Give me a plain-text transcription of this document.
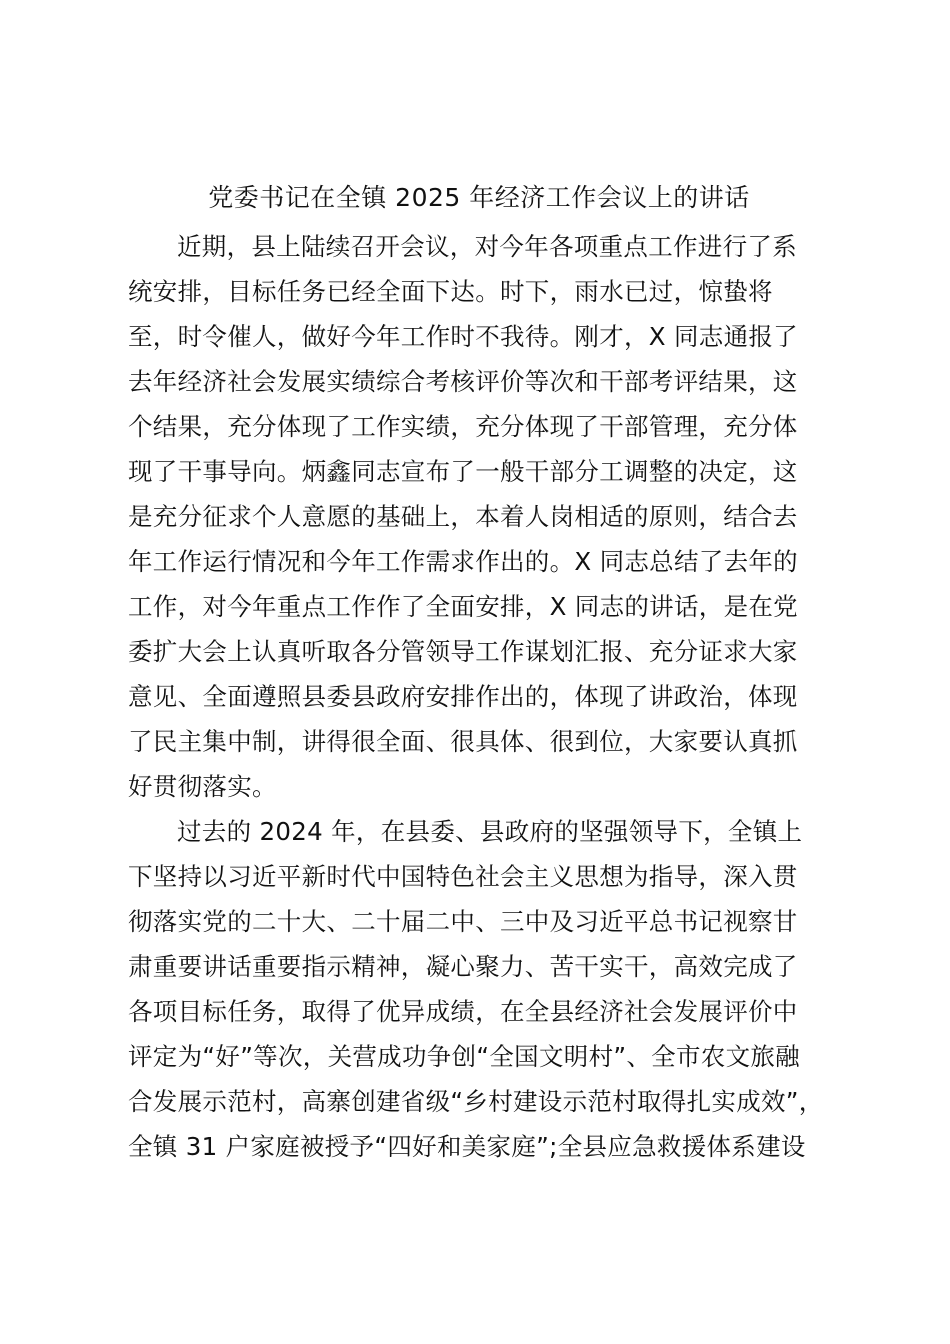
党委书记在全镇 2025 年经济工作会议上的讲话
近期，县上陆续召开会议，对今年各项重点工作进行了系
统安排，目标任务已经全面下达。时下，雨水已过，惊蛰将
至，时令催人，做好今年工作时不我待。刚才，X 同志通报了
去年经济社会发展实绩综合考核评价等次和干部考评结果，这
个结果，充分体现了工作实绩，充分体现了干部管理，充分体
现了干事导向。炳鑫同志宣布了一般干部分工调整的决定，这
是充分征求个人意愿的基础上，本着人岗相适的原则，结合去
年工作运行情况和今年工作需求作出的。X 同志总结了去年的
工作，对今年重点工作作了全面安排，X 同志的讲话，是在党
委扩大会上认真听取各分管领导工作谋划汇报、充分证求大家
意见、全面遵照县委县政府安排作出的，体现了讲政治，体现
了民主集中制，讲得很全面、很具体、很到位，大家要认真抓
好贯彻落实。
过去的 2024 年，在县委、县政府的坚强领导下，全镇上
下坚持以习近平新时代中国特色社会主义思想为指导，深入贯
彻落实党的二十大、二十届二中、三中及习近平总书记视察甘
肃重要讲话重要指示精神，凝心聚力、苦干实干，高效完成了
各项目标任务，取得了优异成绩，在全县经济社会发展评价中
评定为“好”等次，关营成功争创“全国文明村”、全市农文旅融
合发展示范村，高寨创建省级“乡村建设示范村取得扎实成效”，
全镇 31 户家庭被授予“四好和美家庭”;全县应急救援体系建设
